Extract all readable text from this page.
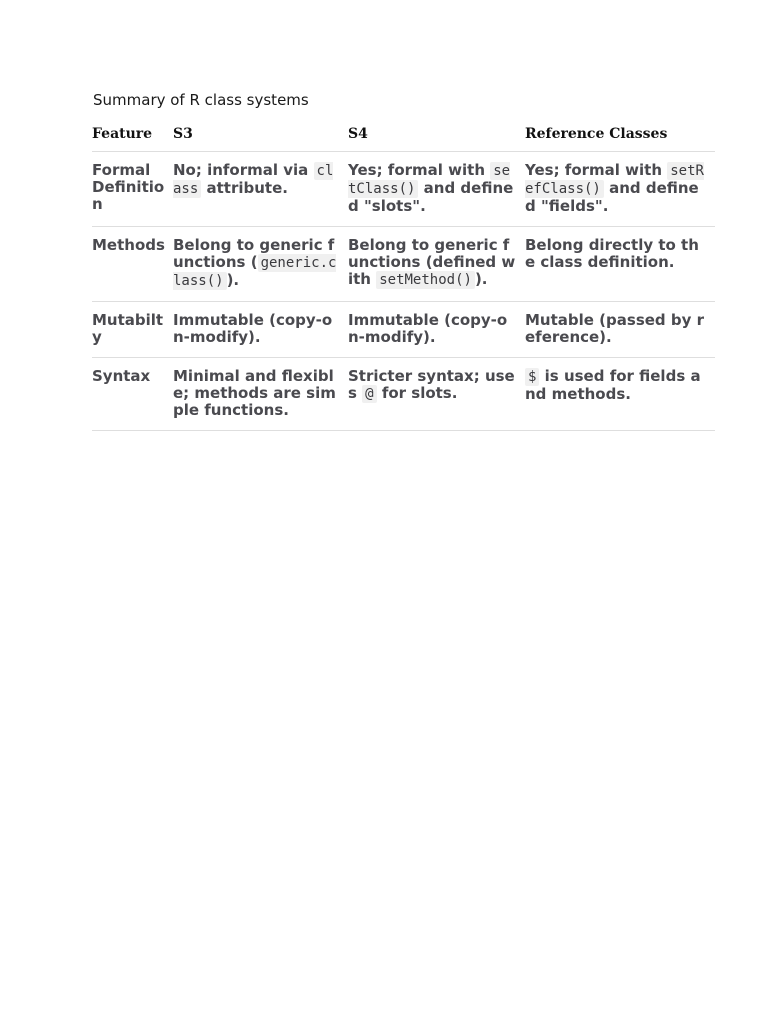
Summary of R class systems
Feature	S3	S4	Reference Classes
Formal Definition	No; informal via class attribute.	Yes; formal with setClass() and defined "slots".	Yes; formal with setRefClass() and defined "fields".
Methods	Belong to generic functions ( generic.class() ).	Belong to generic functions (defined with setMethod() ).	Belong directly to the class definition.
Mutabilty	Immutable (copy-on-modify).	Immutable (copy-on-modify).	Mutable (passed by reference).
Syntax	Minimal and flexible; methods are simple functions.	Stricter syntax; uses @ for slots.	$ is used for fields and methods.
